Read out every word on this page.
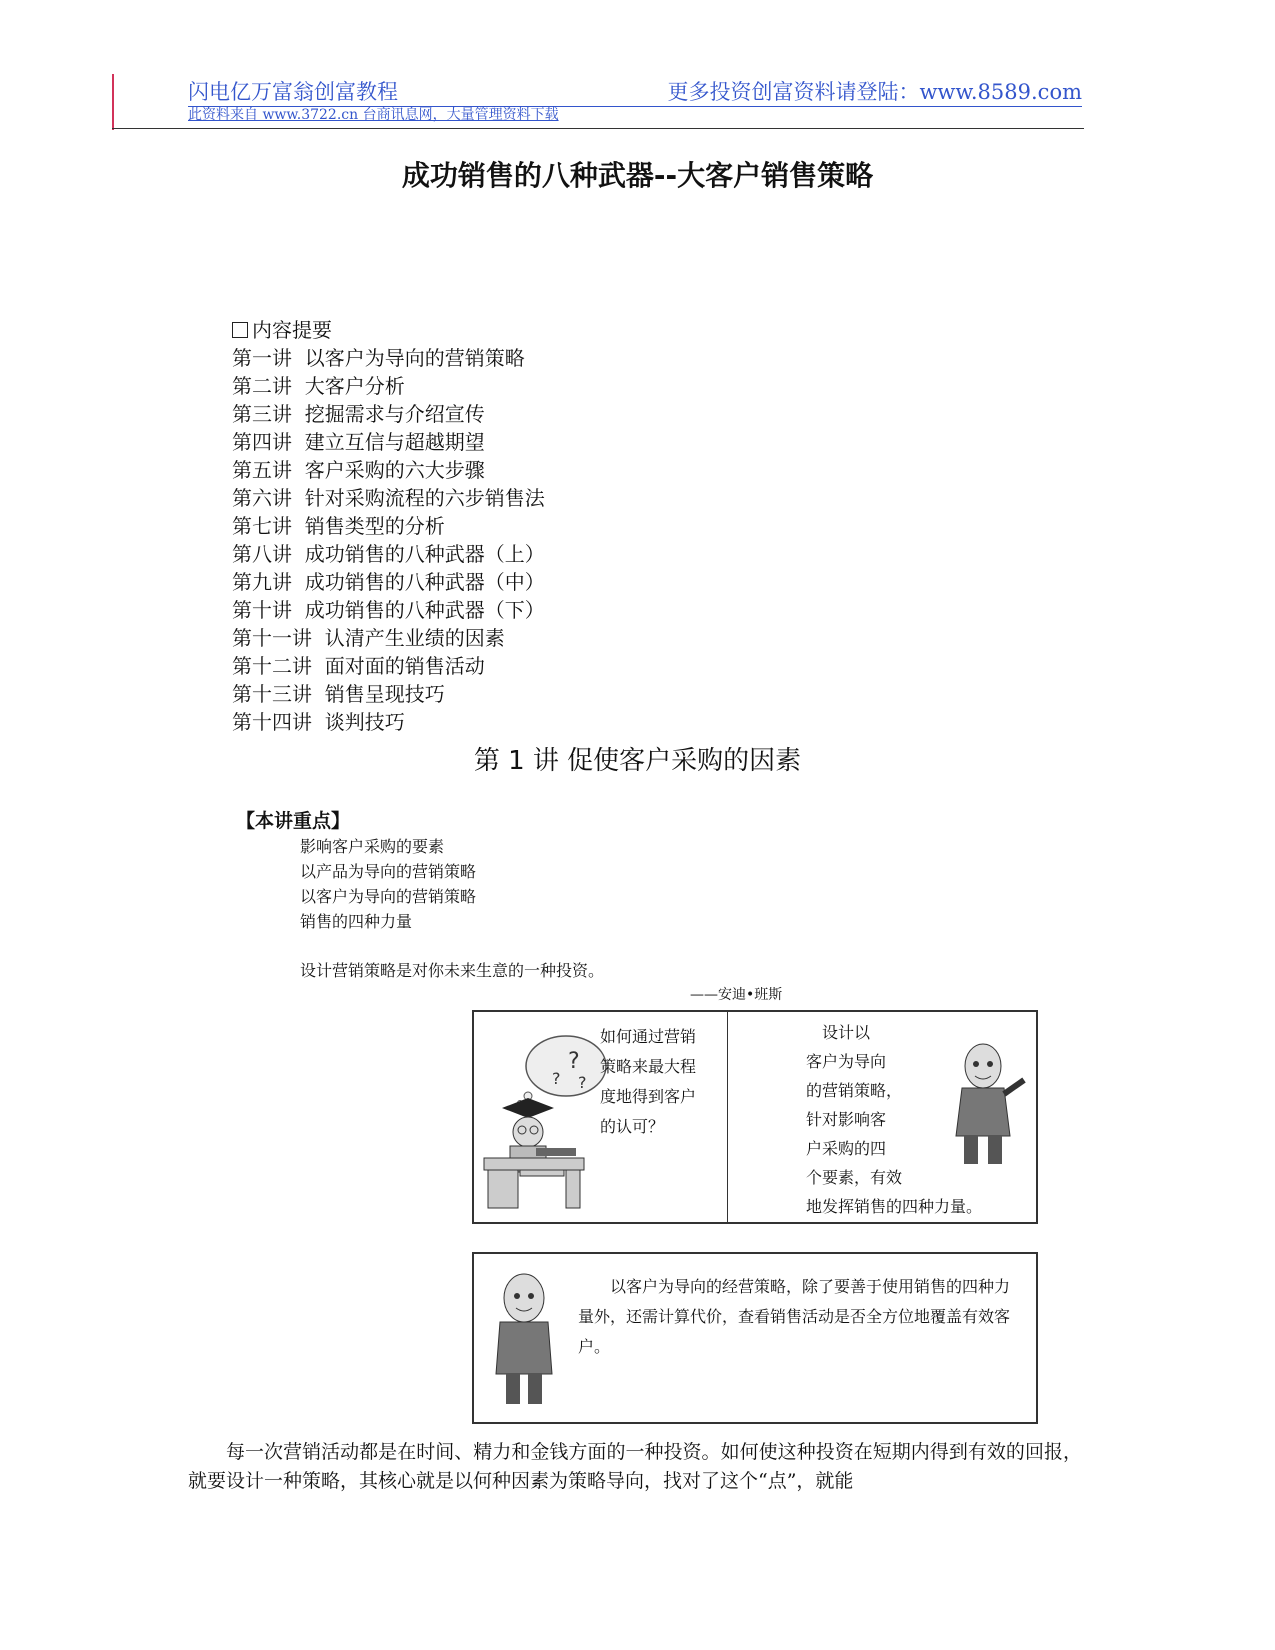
闪电亿万富翁创富教程	更多投资创富资料请登陆：www.8589.com
此资料来自 www.3722.cn 台商讯息网，大量管理资料下载
成功销售的八种武器--大客户销售策略
内容提要
第一讲  以客户为导向的营销策略
第二讲  大客户分析
第三讲  挖掘需求与介绍宣传
第四讲  建立互信与超越期望
第五讲  客户采购的六大步骤
第六讲  针对采购流程的六步销售法
第七讲  销售类型的分析
第八讲  成功销售的八种武器（上）
第九讲  成功销售的八种武器（中）
第十讲  成功销售的八种武器（下）
第十一讲  认清产生业绩的因素
第十二讲  面对面的销售活动
第十三讲  销售呈现技巧
第十四讲  谈判技巧
第 1 讲 促使客户采购的因素
【本讲重点】
影响客户采购的要素
以产品为导向的营销策略
以客户为导向的营销策略
销售的四种力量
设计营销策略是对你未来生意的一种投资。
——安迪•班斯
?
? ?
如何通过营销
策略来最大程
度地得到客户
的认可？
　设计以
客户为导向
的营销策略，
针对影响客
户采购的四
个要素，有效
地发挥销售的四种力量。
以客户为导向的经营策略，除了要善于使用销售的四种力量外，还需计算代价，查看销售活动是否全方位地覆盖有效客户。
每一次营销活动都是在时间、精力和金钱方面的一种投资。如何使这种投资在短期内得到有效的回报，就要设计一种策略，其核心就是以何种因素为策略导向，找对了这个“点”，就能
